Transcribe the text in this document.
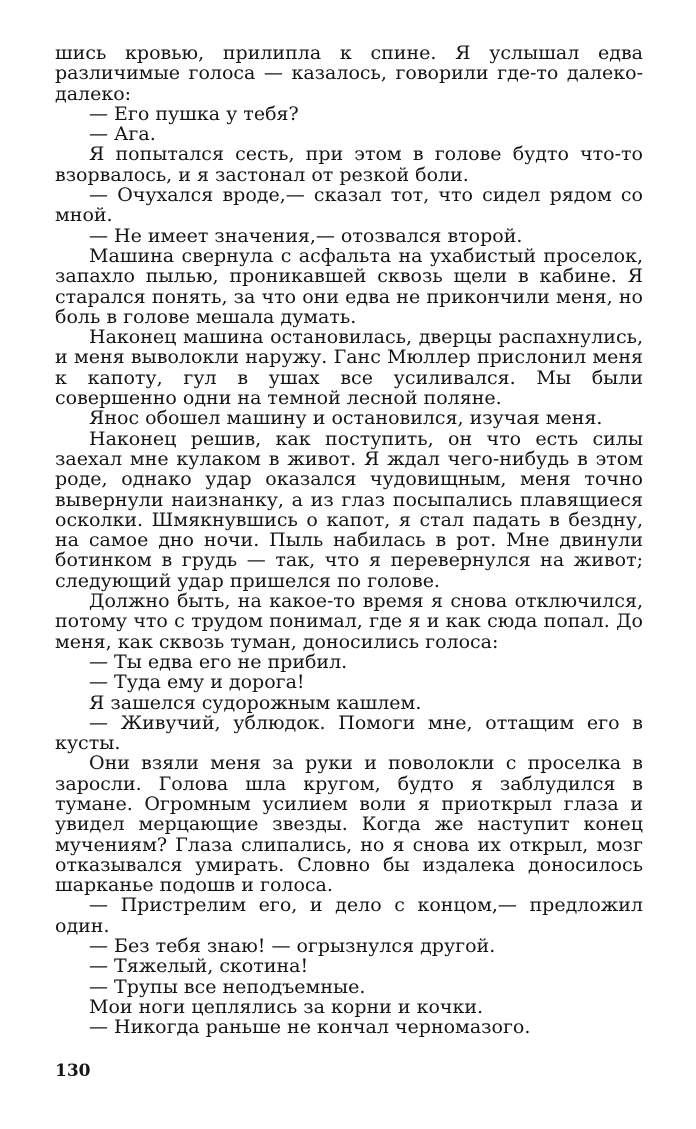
шись кровью, прилипла к спине. Я услышал едва различимые голоса — казалось, говорили где-то далеко-далеко:

— Его пушка у тебя?

— Ага.

Я попытался сесть, при этом в голове будто что-то взорвалось, и я застонал от резкой боли.

— Очухался вроде,— сказал тот, что сидел рядом со мной.

— Не имеет значения,— отозвался второй.

Машина свернула с асфальта на ухабистый проселок, запахло пылью, проникавшей сквозь щели в кабине. Я старался понять, за что они едва не прикончили меня, но боль в голове мешала думать.

Наконец машина остановилась, дверцы распахнулись, и меня выволокли наружу. Ганс Мюллер прислонил меня к капоту, гул в ушах все усиливался. Мы были совершенно одни на темной лесной поляне.

Янос обошел машину и остановился, изучая меня.

Наконец решив, как поступить, он что есть силы заехал мне кулаком в живот. Я ждал чего-нибудь в этом роде, однако удар оказался чудовищным, меня точно вывернули наизнанку, а из глаз посыпались плавящиеся осколки. Шмякнувшись о капот, я стал падать в бездну, на самое дно ночи. Пыль набилась в рот. Мне двинули ботинком в грудь — так, что я перевернулся на живот; следующий удар пришелся по голове.

Должно быть, на какое-то время я снова отключился, потому что с трудом понимал, где я и как сюда попал. До меня, как сквозь туман, доносились голоса:

— Ты едва его не прибил.

— Туда ему и дорога!

Я зашелся судорожным кашлем.

— Живучий, ублюдок. Помоги мне, оттащим его в кусты.

Они взяли меня за руки и поволокли с проселка в заросли. Голова шла кругом, будто я заблудился в тумане. Огромным усилием воли я приоткрыл глаза и увидел мерцающие звезды. Когда же наступит конец мучениям? Глаза слипались, но я снова их открыл, мозг отказывался умирать. Словно бы издалека доносилось шарканье подошв и голоса.

— Пристрелим его, и дело с концом,— предложил один.

— Без тебя знаю! — огрызнулся другой.

— Тяжелый, скотина!

— Трупы все неподъемные.

Мои ноги цеплялись за корни и кочки.

— Никогда раньше не кончал черномазого.

130
